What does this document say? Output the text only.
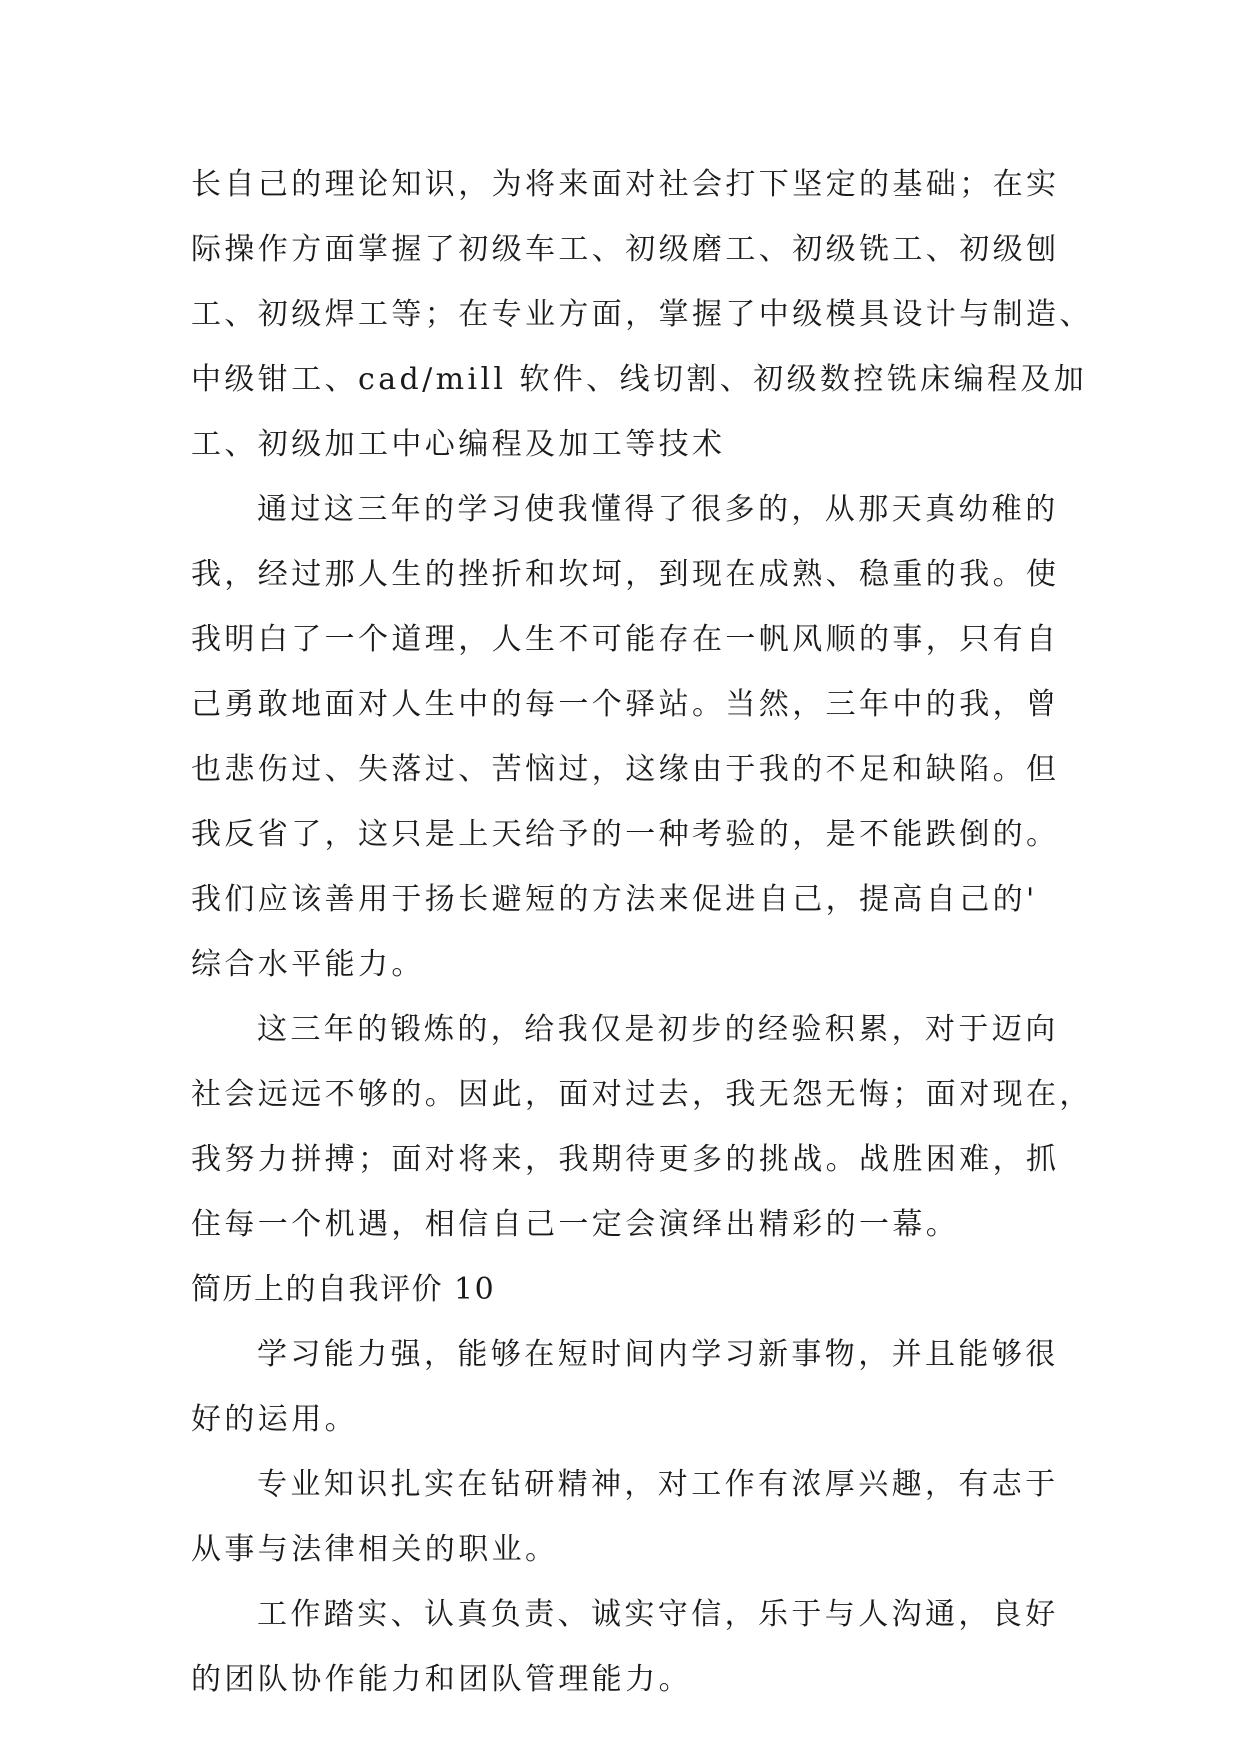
长自己的理论知识，为将来面对社会打下坚定的基础；在实
际操作方面掌握了初级车工、初级磨工、初级铣工、初级刨
工、初级焊工等；在专业方面，掌握了中级模具设计与制造、
中级钳工、cad/mill 软件、线切割、初级数控铣床编程及加
工、初级加工中心编程及加工等技术
通过这三年的学习使我懂得了很多的，从那天真幼稚的
我，经过那人生的挫折和坎坷，到现在成熟、稳重的我。使
我明白了一个道理，人生不可能存在一帆风顺的事，只有自
己勇敢地面对人生中的每一个驿站。当然，三年中的我，曾
也悲伤过、失落过、苦恼过，这缘由于我的不足和缺陷。但
我反省了，这只是上天给予的一种考验的，是不能跌倒的。
我们应该善用于扬长避短的方法来促进自己，提高自己的'
综合水平能力。
这三年的锻炼的，给我仅是初步的经验积累，对于迈向
社会远远不够的。因此，面对过去，我无怨无悔；面对现在，
我努力拼搏；面对将来，我期待更多的挑战。战胜困难，抓
住每一个机遇，相信自己一定会演绎出精彩的一幕。
简历上的自我评价 10
学习能力强，能够在短时间内学习新事物，并且能够很
好的运用。
专业知识扎实在钻研精神，对工作有浓厚兴趣，有志于
从事与法律相关的职业。
工作踏实、认真负责、诚实守信，乐于与人沟通，良好
的团队协作能力和团队管理能力。
